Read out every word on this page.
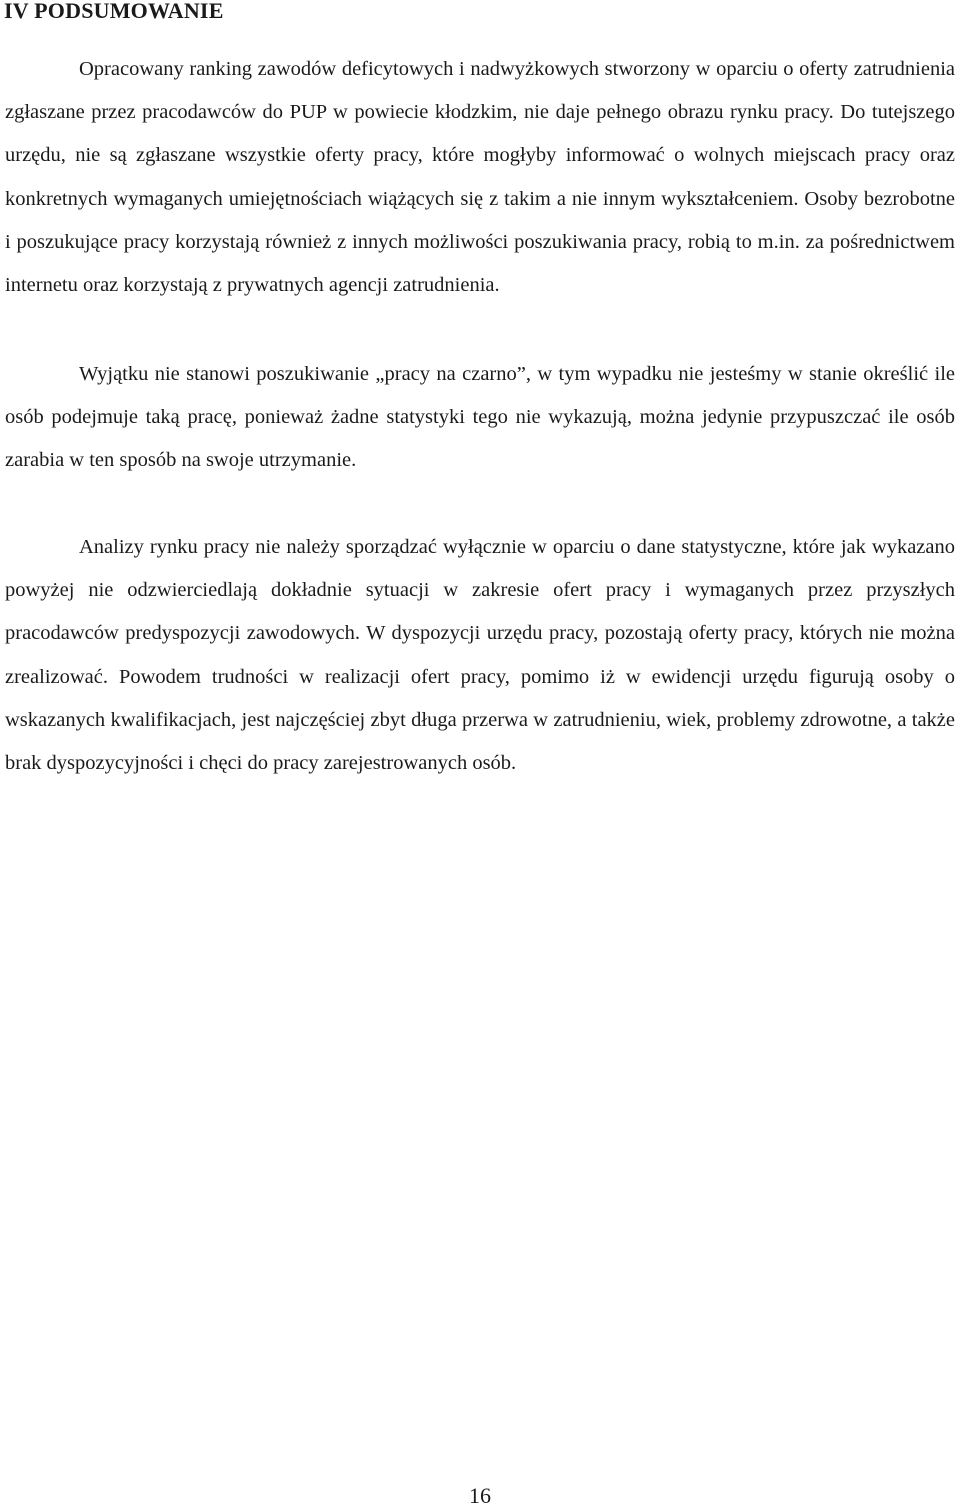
IV PODSUMOWANIE

Opracowany ranking zawodów deficytowych i nadwyżkowych stworzony w oparciu o oferty zatrudnienia zgłaszane przez pracodawców do PUP w powiecie kłodzkim, nie daje pełnego obrazu rynku pracy. Do tutejszego urzędu, nie są zgłaszane wszystkie oferty pracy, które mogłyby informować o wolnych miejscach pracy oraz konkretnych wymaganych umiejętnościach wiążących się z takim a nie innym wykształceniem. Osoby bezrobotne i poszukujące pracy korzystają również z innych możliwości poszukiwania pracy, robią to m.in. za pośrednictwem internetu oraz korzystają z prywatnych agencji zatrudnienia.

Wyjątku nie stanowi poszukiwanie „pracy na czarno”, w tym wypadku nie jesteśmy w stanie określić ile osób podejmuje taką pracę, ponieważ żadne statystyki tego nie wykazują, można jedynie przypuszczać ile osób zarabia w ten sposób na swoje utrzymanie.

Analizy rynku pracy nie należy sporządzać wyłącznie w oparciu o dane statystyczne, które jak wykazano powyżej nie odzwierciedlają dokładnie sytuacji w zakresie ofert pracy i wymaganych przez przyszłych pracodawców predyspozycji zawodowych. W dyspozycji urzędu pracy, pozostają oferty pracy, których nie można zrealizować. Powodem trudności w realizacji ofert pracy, pomimo iż w ewidencji urzędu figurują osoby o wskazanych kwalifikacjach, jest najczęściej zbyt długa przerwa w zatrudnieniu, wiek, problemy zdrowotne, a także brak dyspozycyjności i chęci do pracy zarejestrowanych osób.

16
